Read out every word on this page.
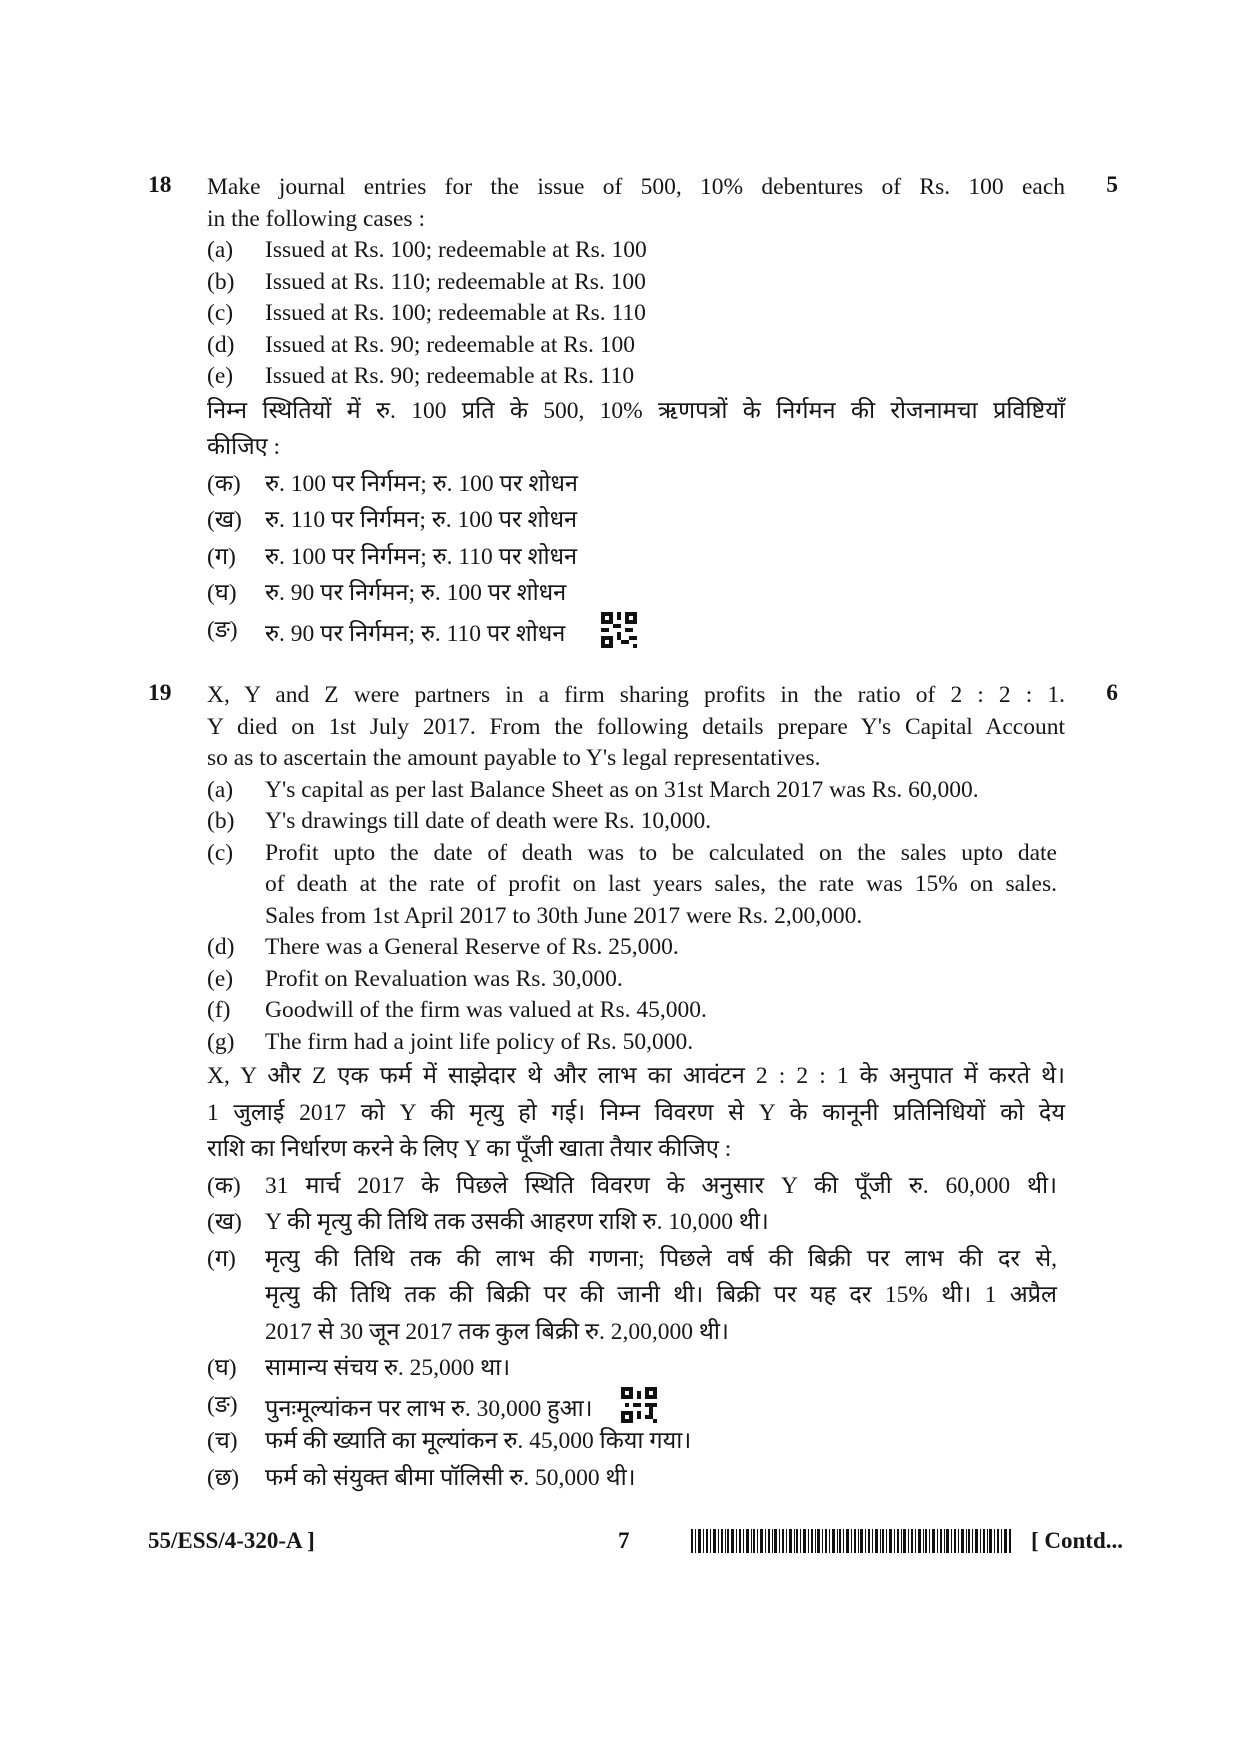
18	5
Make journal entries for the issue of 500, 10% debentures of Rs. 100 each
in the following cases :
(a) Issued at Rs. 100; redeemable at Rs. 100
(b) Issued at Rs. 110; redeemable at Rs. 100
(c) Issued at Rs. 100; redeemable at Rs. 110
(d) Issued at Rs. 90; redeemable at Rs. 100
(e) Issued at Rs. 90; redeemable at Rs. 110
निम्न स्थितियों में रु. 100 प्रति के 500, 10% ऋणपत्रों के निर्गमन की रोजनामचा प्रविष्टियाँ
कीजिए :
(क) रु. 100 पर निर्गमन; रु. 100 पर शोधन
(ख) रु. 110 पर निर्गमन; रु. 100 पर शोधन
(ग) रु. 100 पर निर्गमन; रु. 110 पर शोधन
(घ) रु. 90 पर निर्गमन; रु. 100 पर शोधन
(ङ) रु. 90 पर निर्गमन; रु. 110 पर शोधन
19	6
X, Y and Z were partners in a firm sharing profits in the ratio of 2 : 2 : 1.
Y died on 1st July 2017. From the following details prepare Y's Capital Account
so as to ascertain the amount payable to Y's legal representatives.
(a) Y's capital as per last Balance Sheet as on 31st March 2017 was Rs. 60,000.
(b) Y's drawings till date of death were Rs. 10,000.
(c) Profit upto the date of death was to be calculated on the sales upto date
of death at the rate of profit on last years sales, the rate was 15% on sales.
Sales from 1st April 2017 to 30th June 2017 were Rs. 2,00,000.
(d) There was a General Reserve of Rs. 25,000.
(e) Profit on Revaluation was Rs. 30,000.
(f) Goodwill of the firm was valued at Rs. 45,000.
(g) The firm had a joint life policy of Rs. 50,000.
X, Y और Z एक फर्म में साझेदार थे और लाभ का आवंटन 2 : 2 : 1 के अनुपात में करते थे।
1 जुलाई 2017 को Y की मृत्यु हो गई। निम्न विवरण से Y के कानूनी प्रतिनिधियों को देय
राशि का निर्धारण करने के लिए Y का पूँजी खाता तैयार कीजिए :
(क) 31 मार्च 2017 के पिछले स्थिति विवरण के अनुसार Y की पूँजी रु. 60,000 थी।
(ख) Y की मृत्यु की तिथि तक उसकी आहरण राशि रु. 10,000 थी।
(ग) मृत्यु की तिथि तक की लाभ की गणना; पिछले वर्ष की बिक्री पर लाभ की दर से,
मृत्यु की तिथि तक की बिक्री पर की जानी थी। बिक्री पर यह दर 15% थी। 1 अप्रैल
2017 से 30 जून 2017 तक कुल बिक्री रु. 2,00,000 थी।
(घ) सामान्य संचय रु. 25,000 था।
(ङ) पुनःमूल्यांकन पर लाभ रु. 30,000 हुआ।
(च) फर्म की ख्याति का मूल्यांकन रु. 45,000 किया गया।
(छ) फर्म को संयुक्त बीमा पॉलिसी रु. 50,000 थी।
55/ESS/4-320-A ]	7	[ Contd...
